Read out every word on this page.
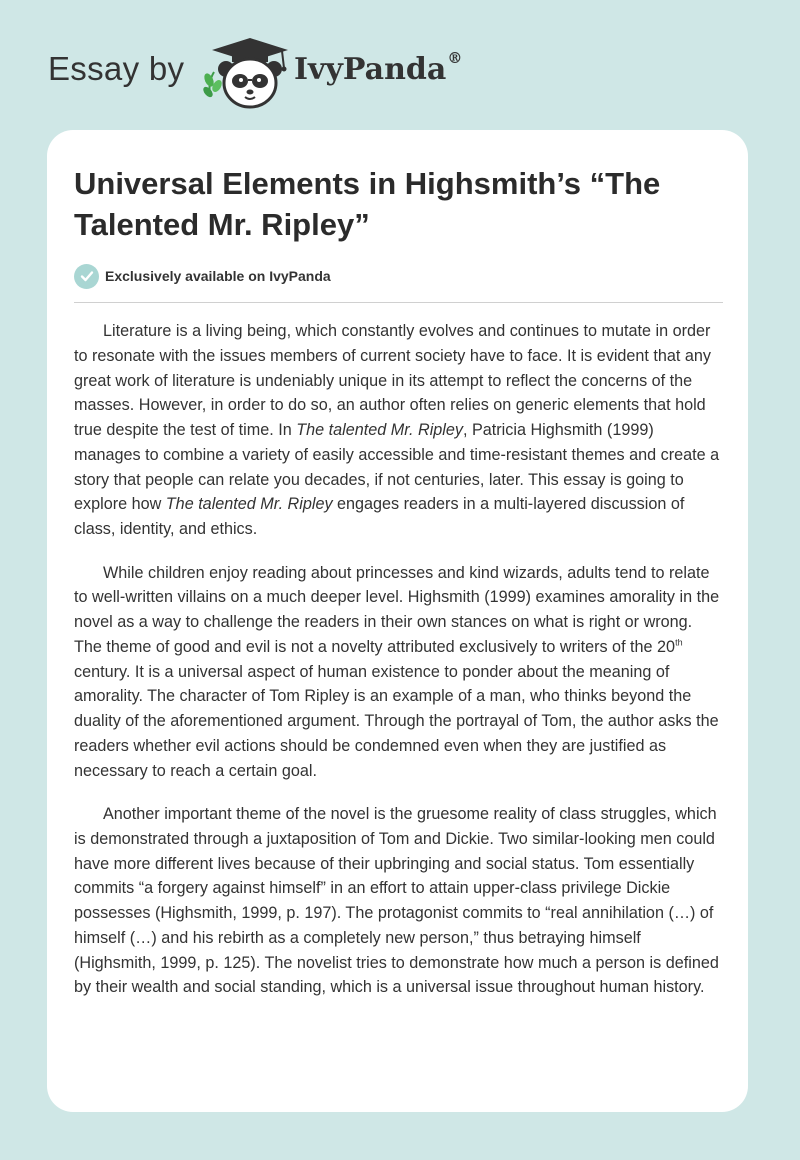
Essay by	IvyPanda®
Universal Elements in Highsmith’s “The Talented Mr. Ripley”
Exclusively available on IvyPanda

Literature is a living being, which constantly evolves and continues to mutate in order to resonate with the issues members of current society have to face. It is evident that any great work of literature is undeniably unique in its attempt to reflect the concerns of the masses. However, in order to do so, an author often relies on generic elements that hold true despite the test of time. In The talented Mr. Ripley, Patricia Highsmith (1999) manages to combine a variety of easily accessible and time-resistant themes and create a story that people can relate you decades, if not centuries, later. This essay is going to explore how The talented Mr. Ripley engages readers in a multi-layered discussion of class, identity, and ethics.

While children enjoy reading about princesses and kind wizards, adults tend to relate to well-written villains on a much deeper level. Highsmith (1999) examines amorality in the novel as a way to challenge the readers in their own stances on what is right or wrong. The theme of good and evil is not a novelty attributed exclusively to writers of the 20th century. It is a universal aspect of human existence to ponder about the meaning of amorality. The character of Tom Ripley is an example of a man, who thinks beyond the duality of the aforementioned argument. Through the portrayal of Tom, the author asks the readers whether evil actions should be condemned even when they are justified as necessary to reach a certain goal.

Another important theme of the novel is the gruesome reality of class struggles, which is demonstrated through a juxtaposition of Tom and Dickie. Two similar-looking men could have more different lives because of their upbringing and social status. Tom essentially commits “a forgery against himself” in an effort to attain upper-class privilege Dickie possesses (Highsmith, 1999, p. 197). The protagonist commits to “real annihilation (…) of himself (…) and his rebirth as a completely new person,” thus betraying himself (Highsmith, 1999, p. 125). The novelist tries to demonstrate how much a person is defined by their wealth and social standing, which is a universal issue throughout human history.
